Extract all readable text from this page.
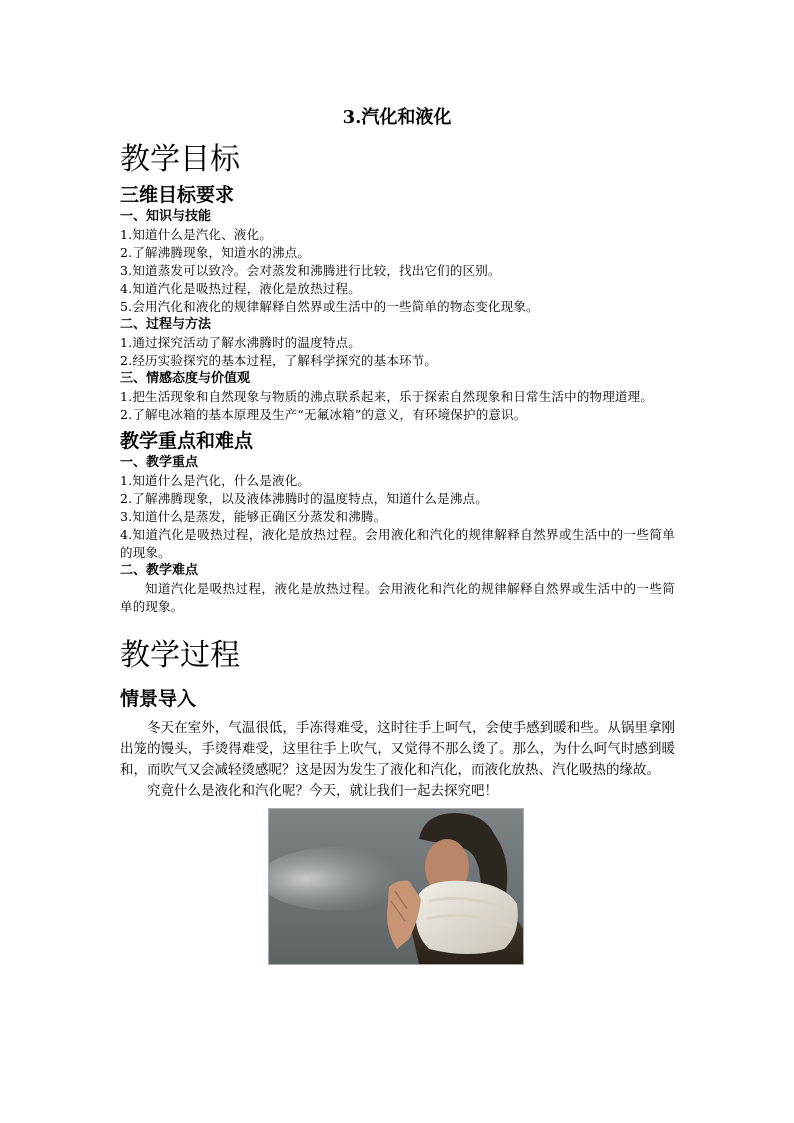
3.汽化和液化
教学目标
三维目标要求
一、知识与技能

1.知道什么是汽化、液化。

2.了解沸腾现象，知道水的沸点。

3.知道蒸发可以致冷。会对蒸发和沸腾进行比较，找出它们的区别。

4.知道汽化是吸热过程，液化是放热过程。

5.会用汽化和液化的规律解释自然界或生活中的一些简单的物态变化现象。

二、过程与方法

1.通过探究活动了解水沸腾时的温度特点。

2.经历实验探究的基本过程，了解科学探究的基本环节。

三、情感态度与价值观

1.把生活现象和自然现象与物质的沸点联系起来，乐于探索自然现象和日常生活中的物理道理。

2.了解电冰箱的基本原理及生产“无氟冰箱”的意义，有环境保护的意识。

教学重点和难点
一、教学重点

1.知道什么是汽化，什么是液化。

2.了解沸腾现象，以及液体沸腾时的温度特点，知道什么是沸点。

3.知道什么是蒸发，能够正确区分蒸发和沸腾。

4.知道汽化是吸热过程，液化是放热过程。会用液化和汽化的规律解释自然界或生活中的一些简单的现象。

二、教学难点

知道汽化是吸热过程，液化是放热过程。会用液化和汽化的规律解释自然界或生活中的一些简单的现象。

教学过程
情景导入

冬天在室外，气温很低，手冻得难受，这时往手上呵气，会使手感到暖和些。从锅里拿刚出笼的馒头，手烫得难受，这里往手上吹气，又觉得不那么烫了。那么，为什么呵气时感到暖和，而吹气又会减轻烫感呢？这是因为发生了液化和汽化，而液化放热、汽化吸热的缘故。

究竟什么是液化和汽化呢？今天，就让我们一起去探究吧！
